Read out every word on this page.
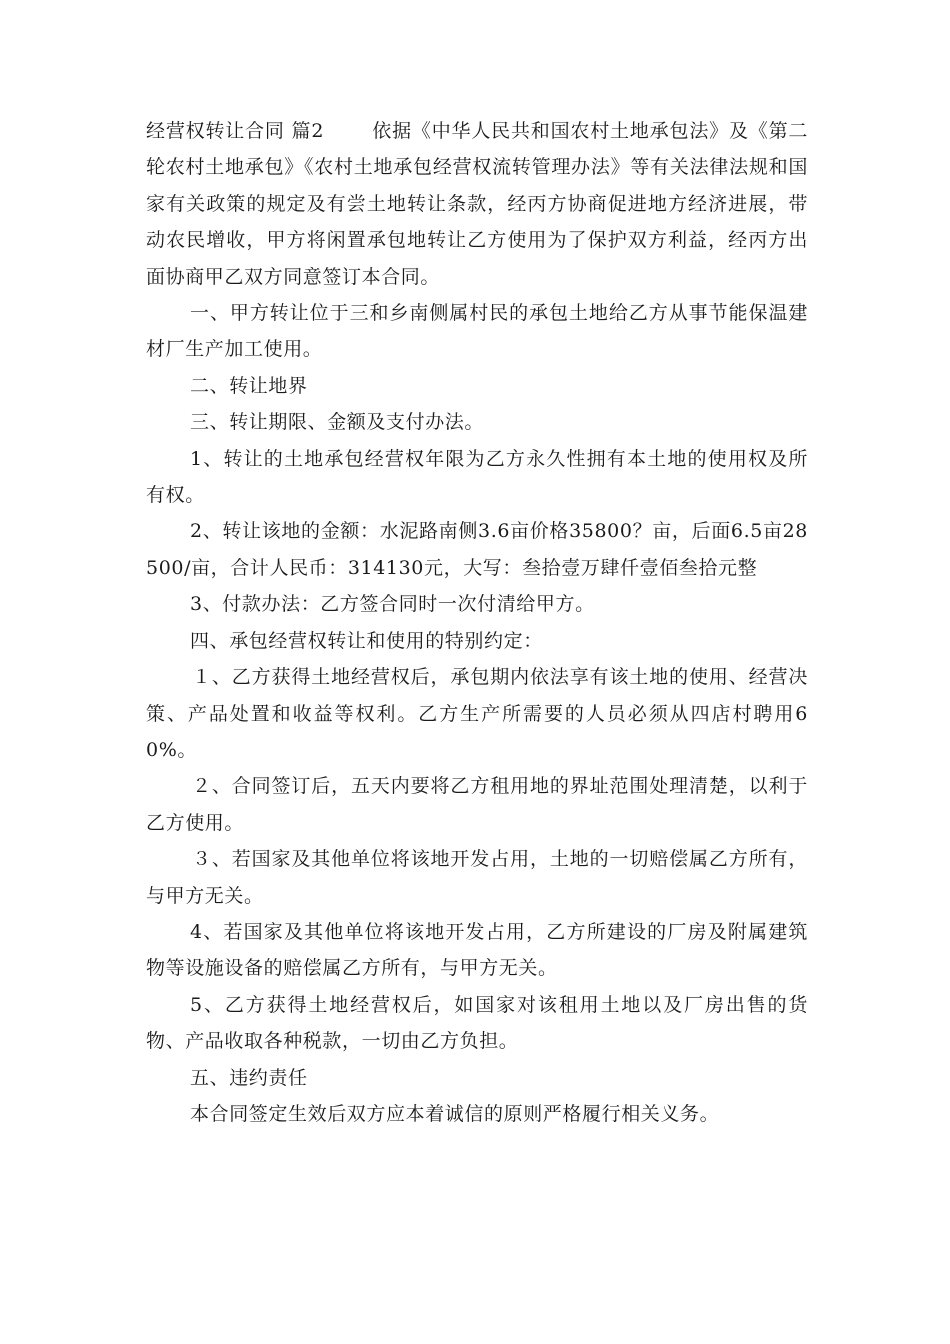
经营权转让合同 篇2	依据《中华人民共和国农村土地承包法》及《第二轮农村土地承包》《农村土地承包经营权流转管理办法》等有关法律法规和国家有关政策的规定及有尝土地转让条款，经丙方协商促进地方经济进展，带动农民增收，甲方将闲置承包地转让乙方使用为了保护双方利益，经丙方出面协商甲乙双方同意签订本合同。

一、甲方转让位于三和乡南侧属村民的承包土地给乙方从事节能保温建材厂生产加工使用。

二、转让地界

三、转让期限、金额及支付办法。

1、转让的土地承包经营权年限为乙方永久性拥有本土地的使用权及所有权。

2、转让该地的金额：水泥路南侧3.6亩价格35800？亩，后面6.5亩28500/亩，合计人民币：314130元，大写：叁拾壹万肆仟壹佰叁拾元整

3、付款办法：乙方签合同时一次付清给甲方。

四、承包经营权转让和使用的特别约定：

１、乙方获得土地经营权后，承包期内依法享有该土地的使用、经营决策、产品处置和收益等权利。乙方生产所需要的人员必须从四店村聘用60%。

２、合同签订后，五天内要将乙方租用地的界址范围处理清楚，以利于乙方使用。

３、若国家及其他单位将该地开发占用，土地的一切赔偿属乙方所有，与甲方无关。

4、若国家及其他单位将该地开发占用，乙方所建设的厂房及附属建筑物等设施设备的赔偿属乙方所有，与甲方无关。

5、乙方获得土地经营权后，如国家对该租用土地以及厂房出售的货物、产品收取各种税款，一切由乙方负担。

五、违约责任

本合同签定生效后双方应本着诚信的原则严格履行相关义务。
